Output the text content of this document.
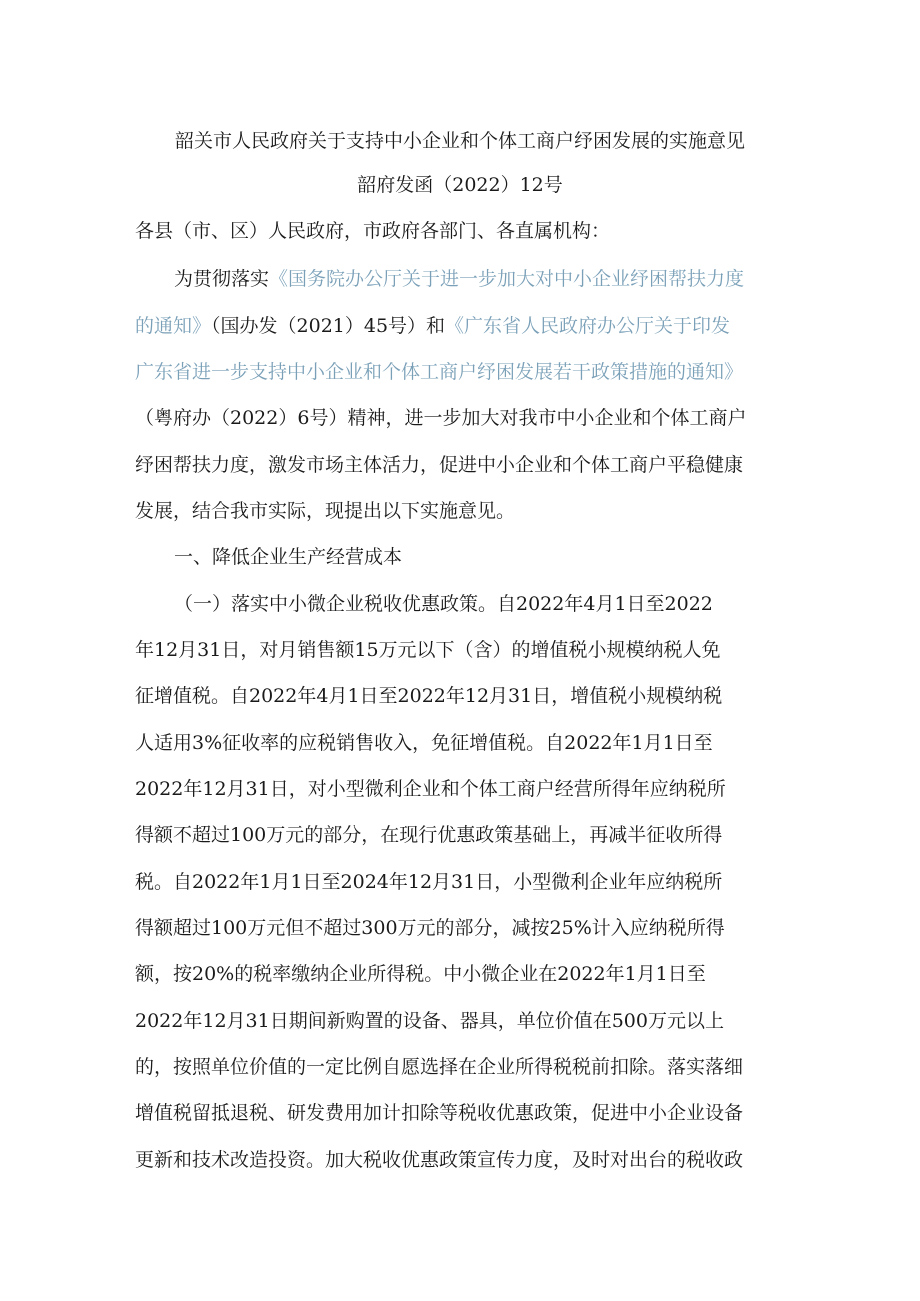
韶关市人民政府关于支持中小企业和个体工商户纾困发展的实施意见
韶府发函（2022）12号
各县（市、区）人民政府，市政府各部门、各直属机构：
为贯彻落实《国务院办公厅关于进一步加大对中小企业纾困帮扶力度
的通知》（国办发（2021）45号）和《广东省人民政府办公厅关于印发
广东省进一步支持中小企业和个体工商户纾困发展若干政策措施的通知》
（粤府办（2022）6号）精神，进一步加大对我市中小企业和个体工商户
纾困帮扶力度，激发市场主体活力，促进中小企业和个体工商户平稳健康
发展，结合我市实际，现提出以下实施意见。
一、降低企业生产经营成本
（一）落实中小微企业税收优惠政策。自2022年4月1日至2022
年12月31日，对月销售额15万元以下（含）的增值税小规模纳税人免
征增值税。自2022年4月1日至2022年12月31日，增值税小规模纳税
人适用3%征收率的应税销售收入，免征增值税。自2022年1月1日至
2022年12月31日，对小型微利企业和个体工商户经营所得年应纳税所
得额不超过100万元的部分，在现行优惠政策基础上，再减半征收所得
税。自2022年1月1日至2024年12月31日，小型微利企业年应纳税所
得额超过100万元但不超过300万元的部分，减按25%计入应纳税所得
额，按20%的税率缴纳企业所得税。中小微企业在2022年1月1日至
2022年12月31日期间新购置的设备、器具，单位价值在500万元以上
的，按照单位价值的一定比例自愿选择在企业所得税税前扣除。落实落细
增值税留抵退税、研发费用加计扣除等税收优惠政策，促进中小企业设备
更新和技术改造投资。加大税收优惠政策宣传力度，及时对出台的税收政
